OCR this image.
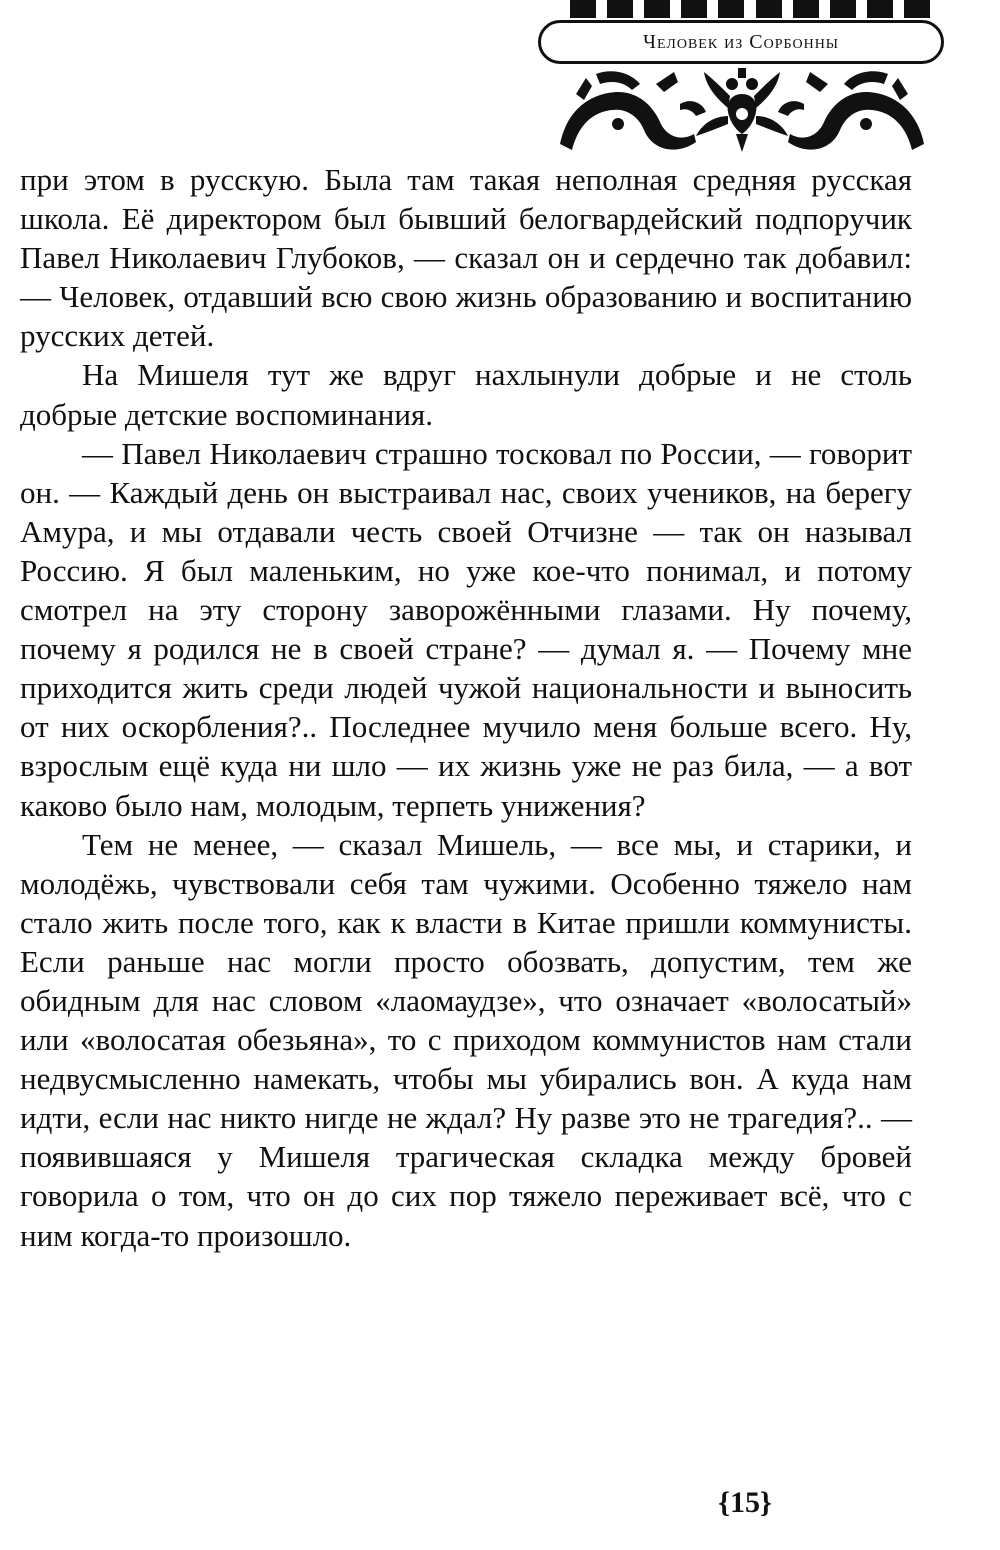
Человек из Сорбонны

при этом в русскую. Была там такая неполная средняя русская школа. Её директором был бывший белогвардейский подпоручик Павел Николаевич Глубоков, — сказал он и сердечно так добавил: — Человек, отдавший всю свою жизнь образованию и воспитанию русских детей.

На Мишеля тут же вдруг нахлынули добрые и не столь добрые детские воспоминания.

— Павел Николаевич страшно тосковал по России, — говорит он. — Каждый день он выстраивал нас, своих учеников, на берегу Амура, и мы отдавали честь своей Отчизне — так он называл Россию. Я был маленьким, но уже кое-что понимал, и потому смотрел на эту сторону заворожёнными глазами. Ну почему, почему я родился не в своей стране? — думал я. — Почему мне приходится жить среди людей чужой национальности и выносить от них оскорбления?.. Последнее мучило меня больше всего. Ну, взрослым ещё куда ни шло — их жизнь уже не раз била, — а вот каково было нам, молодым, терпеть унижения?

Тем не менее, — сказал Мишель, — все мы, и старики, и молодёжь, чувствовали себя там чужими. Особенно тяжело нам стало жить после того, как к власти в Китае пришли коммунисты. Если раньше нас могли просто обозвать, допустим, тем же обидным для нас словом «лаомаудзе», что означает «волосатый» или «волосатая обезьяна», то с приходом коммунистов нам стали недвусмысленно намекать, чтобы мы убирались вон. А куда нам идти, если нас никто нигде не ждал? Ну разве это не трагедия?.. — появившаяся у Мишеля трагическая складка между бровей говорила о том, что он до сих пор тяжело переживает всё, что с ним когда-то произошло.

{15}
